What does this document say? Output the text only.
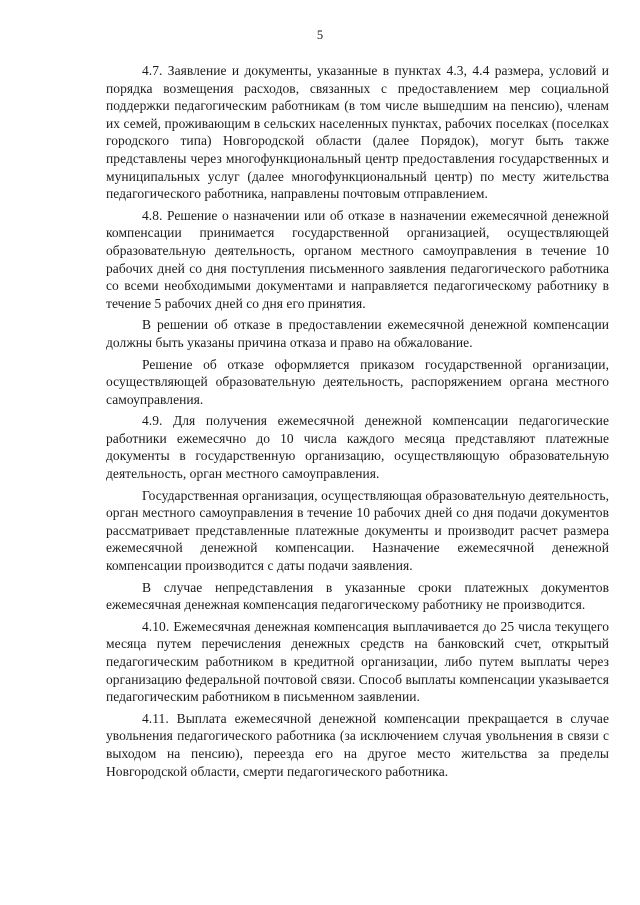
5

4.7. Заявление и документы, указанные в пунктах 4.3, 4.4 размера, условий и порядка возмещения расходов, связанных с предоставлением мер социальной поддержки педагогическим работникам (в том числе вышедшим на пенсию), членам их семей, проживающим в сельских населенных пунктах, рабочих поселках (поселках городского типа) Новгородской области (далее Порядок), могут быть также представлены через многофункциональный центр предоставления государственных и муниципальных услуг (далее многофункциональный центр) по месту жительства педагогического работника, направлены почтовым отправлением.

4.8. Решение о назначении или об отказе в назначении ежемесячной денежной компенсации принимается государственной организацией, осуществляющей образовательную деятельность, органом местного самоуправления в течение 10 рабочих дней со дня поступления письменного заявления педагогического работника со всеми необходимыми документами и направляется педагогическому работнику в течение 5 рабочих дней со дня его принятия.

В решении об отказе в предоставлении ежемесячной денежной компенсации должны быть указаны причина отказа и право на обжалование.

Решение об отказе оформляется приказом государственной организации, осуществляющей образовательную деятельность, распоряжением органа местного самоуправления.

4.9. Для получения ежемесячной денежной компенсации педагогические работники ежемесячно до 10 числа каждого месяца представляют платежные документы в государственную организацию, осуществляющую образовательную деятельность, орган местного самоуправления.

Государственная организация, осуществляющая образовательную деятельность, орган местного самоуправления в течение 10 рабочих дней со дня подачи документов рассматривает представленные платежные документы и производит расчет размера ежемесячной денежной компенсации. Назначение ежемесячной денежной компенсации производится с даты подачи заявления.

В случае непредставления в указанные сроки платежных документов ежемесячная денежная компенсация педагогическому работнику не производится.

4.10. Ежемесячная денежная компенсация выплачивается до 25 числа текущего месяца путем перечисления денежных средств на банковский счет, открытый педагогическим работником в кредитной организации, либо путем выплаты через организацию федеральной почтовой связи. Способ выплаты компенсации указывается педагогическим работником в письменном заявлении.

4.11. Выплата ежемесячной денежной компенсации прекращается в случае увольнения педагогического работника (за исключением случая увольнения в связи с выходом на пенсию), переезда его на другое место жительства за пределы Новгородской области, смерти педагогического работника.
